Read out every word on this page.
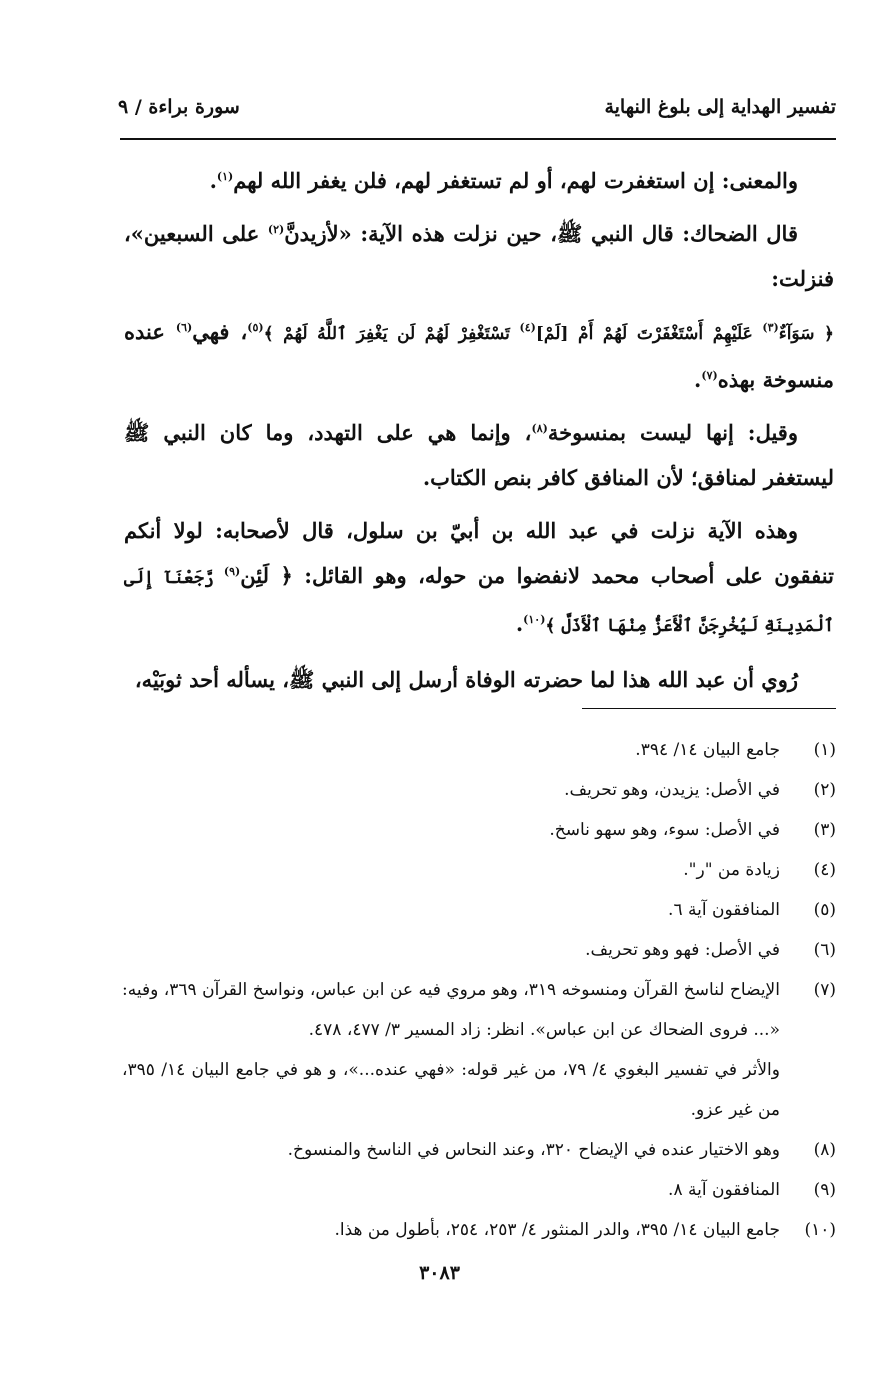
تفسير الهداية إلى بلوغ النهاية
سورة براءة / ٩

والمعنى: إن استغفرت لهم، أو لم تستغفر لهم، فلن يغفر الله لهم$^{(١)}$.

قال الضحاك: قال النبي ﷺ، حين نزلت هذه الآية: «لأزيدنَّ$^{(٢)}$ على السبعين»، فنزلت:

﴿ سَوَآءٌ$^{(٣)}$ عَلَيْهِمْ أَسْتَغْفَرْتَ لَهُمْ أَمْ [لَمْ]$^{(٤)}$ تَسْتَغْفِرْ لَهُمْ لَن يَغْفِرَ ٱللَّهُ لَهُمْ ﴾$^{(٥)}$، فهي$^{(٦)}$ عنده منسوخة بهذه$^{(٧)}$.

وقيل: إنها ليست بمنسوخة$^{(٨)}$، وإنما هي على التهدد، وما كان النبي ﷺ ليستغفر لمنافق؛ لأن المنافق كافر بنص الكتاب.

وهذه الآية نزلت في عبد الله بن أبيّ بن سلول، قال لأصحابه: لولا أنكم تنفقون على أصحاب محمد لانفضوا من حوله، وهو القائل: ﴿ لَئِن$^{(٩)}$ رَّجَعْنَآ إِلَى ٱلْمَدِينَةِ لَيُخْرِجَنَّ ٱلْأَعَزُّ مِنْهَا ٱلْأَذَلَّ ﴾$^{(١٠)}$.

رُوي أن عبد الله هذا لما حضرته الوفاة أرسل إلى النبي ﷺ، يسأله أحد ثوبَيْه،

(١)
جامع البيان ١٤/ ٣٩٤.
(٢)
في الأصل: يزيدن، وهو تحريف.
(٣)
في الأصل: سوء، وهو سهو ناسخ.
(٤)
زيادة من "ر".
(٥)
المنافقون آية ٦.
(٦)
في الأصل: فهو وهو تحريف.
(٧)
الإيضاح لناسخ القرآن ومنسوخه ٣١٩، وهو مروي فيه عن ابن عباس، ونواسخ القرآن ٣٦٩، وفيه: «... فروى الضحاك عن ابن عباس». انظر: زاد المسير ٣/ ٤٧٧، ٤٧٨.
والأثر في تفسير البغوي ٤/ ٧٩، من غير قوله: «فهي عنده...»، و هو في جامع البيان ١٤/ ٣٩٥، من غير عزو.
(٨)
وهو الاختيار عنده في الإيضاح ٣٢٠، وعند النحاس في الناسخ والمنسوخ.
(٩)
المنافقون آية ٨.
(١٠)
جامع البيان ١٤/ ٣٩٥، والدر المنثور ٤/ ٢٥٣، ٢٥٤، بأطول من هذا.
٣٠٨٣
